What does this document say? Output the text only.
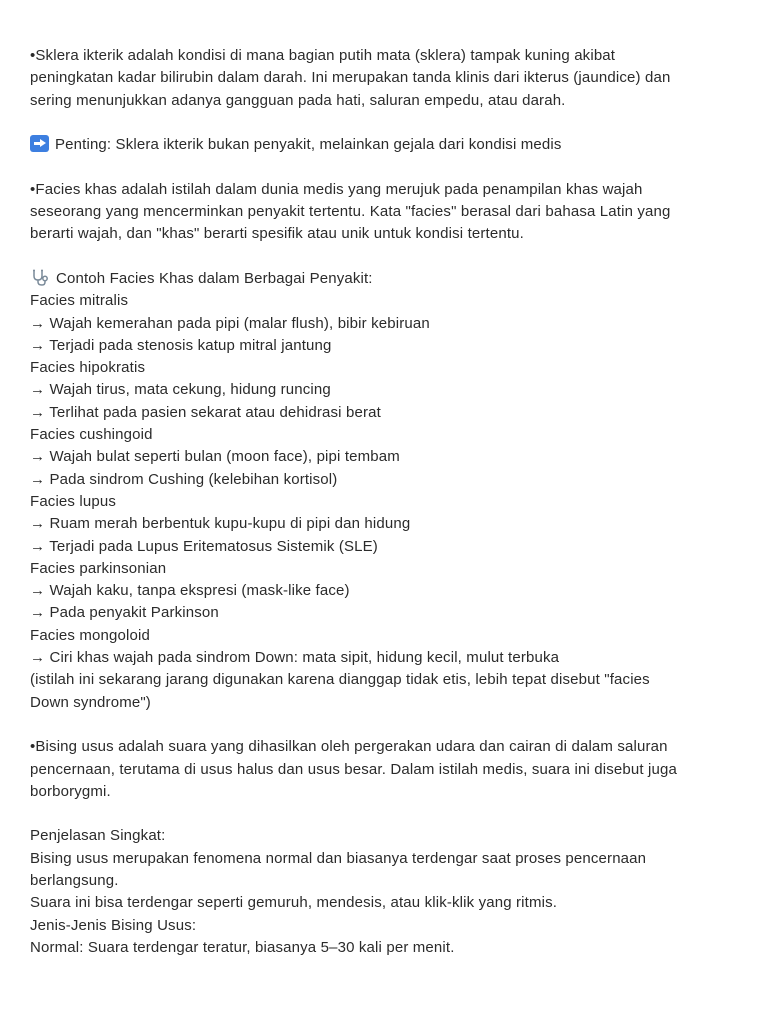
•Sklera ikterik adalah kondisi di mana bagian putih mata (sklera) tampak kuning akibat
peningkatan kadar bilirubin dalam darah. Ini merupakan tanda klinis dari ikterus (jaundice) dan
sering menunjukkan adanya gangguan pada hati, saluran empedu, atau darah.

Penting: Sklera ikterik bukan penyakit, melainkan gejala dari kondisi medis

•Facies khas adalah istilah dalam dunia medis yang merujuk pada penampilan khas wajah
seseorang yang mencerminkan penyakit tertentu. Kata "facies" berasal dari bahasa Latin yang
berarti wajah, dan "khas" berarti spesifik atau unik untuk kondisi tertentu.

Contoh Facies Khas dalam Berbagai Penyakit:
Facies mitralis
→ Wajah kemerahan pada pipi (malar flush), bibir kebiruan
→ Terjadi pada stenosis katup mitral jantung
Facies hipokratis
→ Wajah tirus, mata cekung, hidung runcing
→ Terlihat pada pasien sekarat atau dehidrasi berat
Facies cushingoid
→ Wajah bulat seperti bulan (moon face), pipi tembam
→ Pada sindrom Cushing (kelebihan kortisol)
Facies lupus
→ Ruam merah berbentuk kupu-kupu di pipi dan hidung
→ Terjadi pada Lupus Eritematosus Sistemik (SLE)
Facies parkinsonian
→ Wajah kaku, tanpa ekspresi (mask-like face)
→ Pada penyakit Parkinson
Facies mongoloid
→ Ciri khas wajah pada sindrom Down: mata sipit, hidung kecil, mulut terbuka
(istilah ini sekarang jarang digunakan karena dianggap tidak etis, lebih tepat disebut "facies
Down syndrome")

•Bising usus adalah suara yang dihasilkan oleh pergerakan udara dan cairan di dalam saluran
pencernaan, terutama di usus halus dan usus besar. Dalam istilah medis, suara ini disebut juga
borborygmi.

Penjelasan Singkat:
Bising usus merupakan fenomena normal dan biasanya terdengar saat proses pencernaan
berlangsung.
Suara ini bisa terdengar seperti gemuruh, mendesis, atau klik-klik yang ritmis.
Jenis-Jenis Bising Usus:
Normal: Suara terdengar teratur, biasanya 5–30 kali per menit.
